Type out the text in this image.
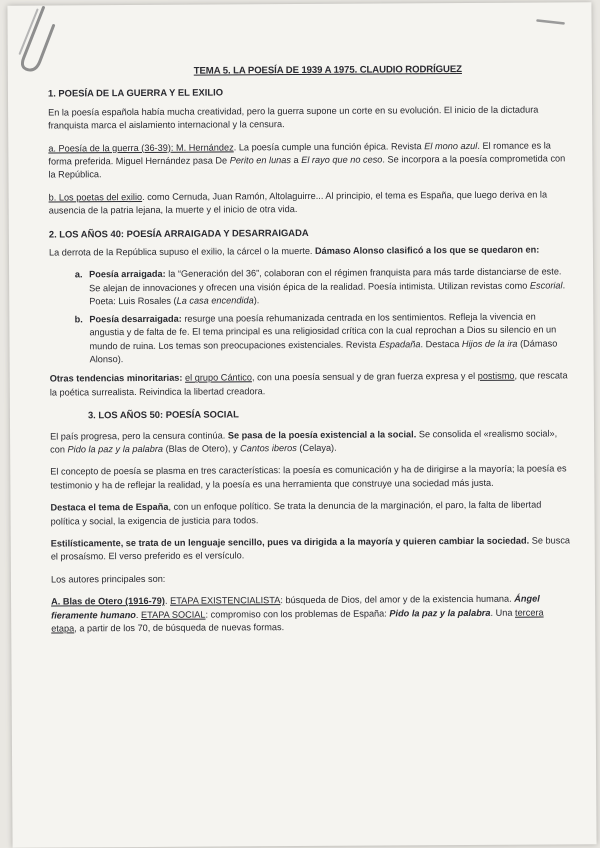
TEMA 5. LA POESÍA DE 1939 A 1975. CLAUDIO RODRÍGUEZ
1. POESÍA DE LA GUERRA Y EL EXILIO

En la poesía española había mucha creatividad, pero la guerra supone un corte en su evolución. El inicio de la dictadura franquista marca el aislamiento internacional y la censura.

a. Poesía de la guerra (36-39): M. Hernández. La poesía cumple una función épica. Revista El mono azul. El romance es la forma preferida. Miguel Hernández pasa De Perito en lunas a El rayo que no ceso. Se incorpora a la poesía comprometida con la República.

b. Los poetas del exilio. como Cernuda, Juan Ramón, Altolaguirre... Al principio, el tema es España, que luego deriva en la ausencia de la patria lejana, la muerte y el inicio de otra vida.

2. LOS AÑOS 40: POESÍA ARRAIGADA Y DESARRAIGADA

La derrota de la República supuso el exilio, la cárcel o la muerte. Dámaso Alonso clasificó a los que se quedaron en:

a. Poesía arraigada: la “Generación del 36”, colaboran con el régimen franquista para más tarde distanciarse de este. Se alejan de innovaciones y ofrecen una visión épica de la realidad. Poesía intimista. Utilizan revistas como Escorial. Poeta: Luis Rosales (La casa encendida).
b. Poesía desarraigada: resurge una poesía rehumanizada centrada en los sentimientos. Refleja la vivencia en angustia y de falta de fe. El tema principal es una religiosidad crítica con la cual reprochan a Dios su silencio en un mundo de ruina. Los temas son preocupaciones existenciales. Revista Espadaña. Destaca Hijos de la ira (Dámaso Alonso).

Otras tendencias minoritarias: el grupo Cántico, con una poesía sensual y de gran fuerza expresa y el postismo, que rescata la poética surrealista. Reivindica la libertad creadora.

3. LOS AÑOS 50: POESÍA SOCIAL

El país progresa, pero la censura continúa. Se pasa de la poesía existencial a la social. Se consolida el «realismo social», con Pido la paz y la palabra (Blas de Otero), y Cantos iberos (Celaya).

El concepto de poesía se plasma en tres características: la poesía es comunicación y ha de dirigirse a la mayoría; la poesía es testimonio y ha de reflejar la realidad, y la poesía es una herramienta que construye una sociedad más justa.

Destaca el tema de España, con un enfoque político. Se trata la denuncia de la marginación, el paro, la falta de libertad política y social, la exigencia de justicia para todos.

Estilísticamente, se trata de un lenguaje sencillo, pues va dirigida a la mayoría y quieren cambiar la sociedad. Se busca el prosaísmo. El verso preferido es el versículo.

Los autores principales son:

A. Blas de Otero (1916-79). ETAPA EXISTENCIALISTA: búsqueda de Dios, del amor y de la existencia humana. Ángel fieramente humano. ETAPA SOCIAL: compromiso con los problemas de España: Pido la paz y la palabra. Una tercera etapa, a partir de los 70, de búsqueda de nuevas formas.
